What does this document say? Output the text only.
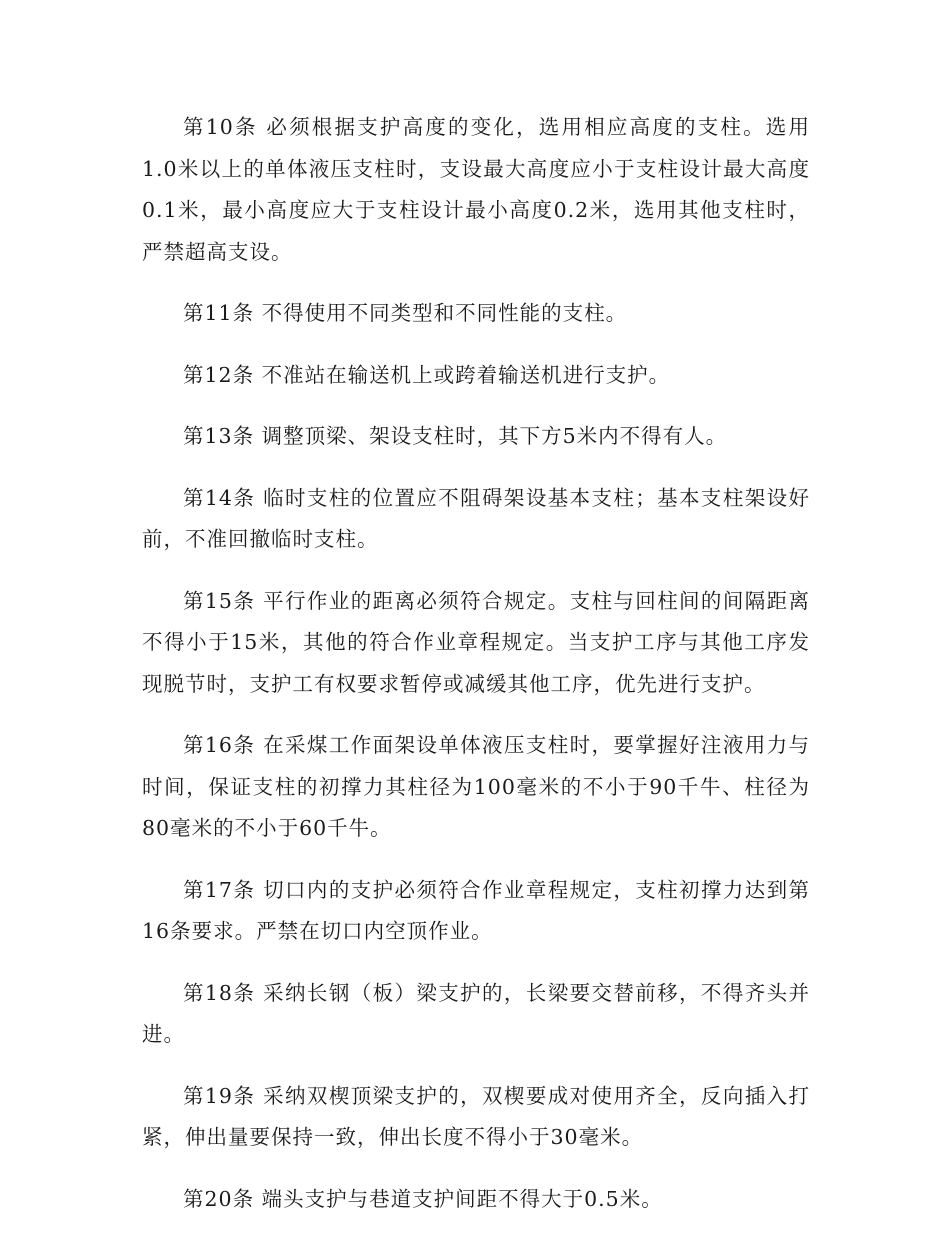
第10条 必须根据支护高度的变化，选用相应高度的支柱。选用1.0米以上的单体液压支柱时，支设最大高度应小于支柱设计最大高度0.1米，最小高度应大于支柱设计最小高度0.2米，选用其他支柱时，严禁超高支设。

第11条 不得使用不同类型和不同性能的支柱。

第12条 不准站在输送机上或跨着输送机进行支护。

第13条 调整顶梁、架设支柱时，其下方5米内不得有人。

第14条 临时支柱的位置应不阻碍架设基本支柱；基本支柱架设好前，不准回撤临时支柱。

第15条 平行作业的距离必须符合规定。支柱与回柱间的间隔距离不得小于15米，其他的符合作业章程规定。当支护工序与其他工序发现脱节时，支护工有权要求暂停或减缓其他工序，优先进行支护。

第16条 在采煤工作面架设单体液压支柱时，要掌握好注液用力与时间，保证支柱的初撑力其柱径为100毫米的不小于90千牛、柱径为80毫米的不小于60千牛。

第17条 切口内的支护必须符合作业章程规定，支柱初撑力达到第16条要求。严禁在切口内空顶作业。

第18条 采纳长钢（板）梁支护的，长梁要交替前移，不得齐头并进。

第19条 采纳双楔顶梁支护的，双楔要成对使用齐全，反向插入打紧，伸出量要保持一致，伸出长度不得小于30毫米。

第20条 端头支护与巷道支护间距不得大于0.5米。
